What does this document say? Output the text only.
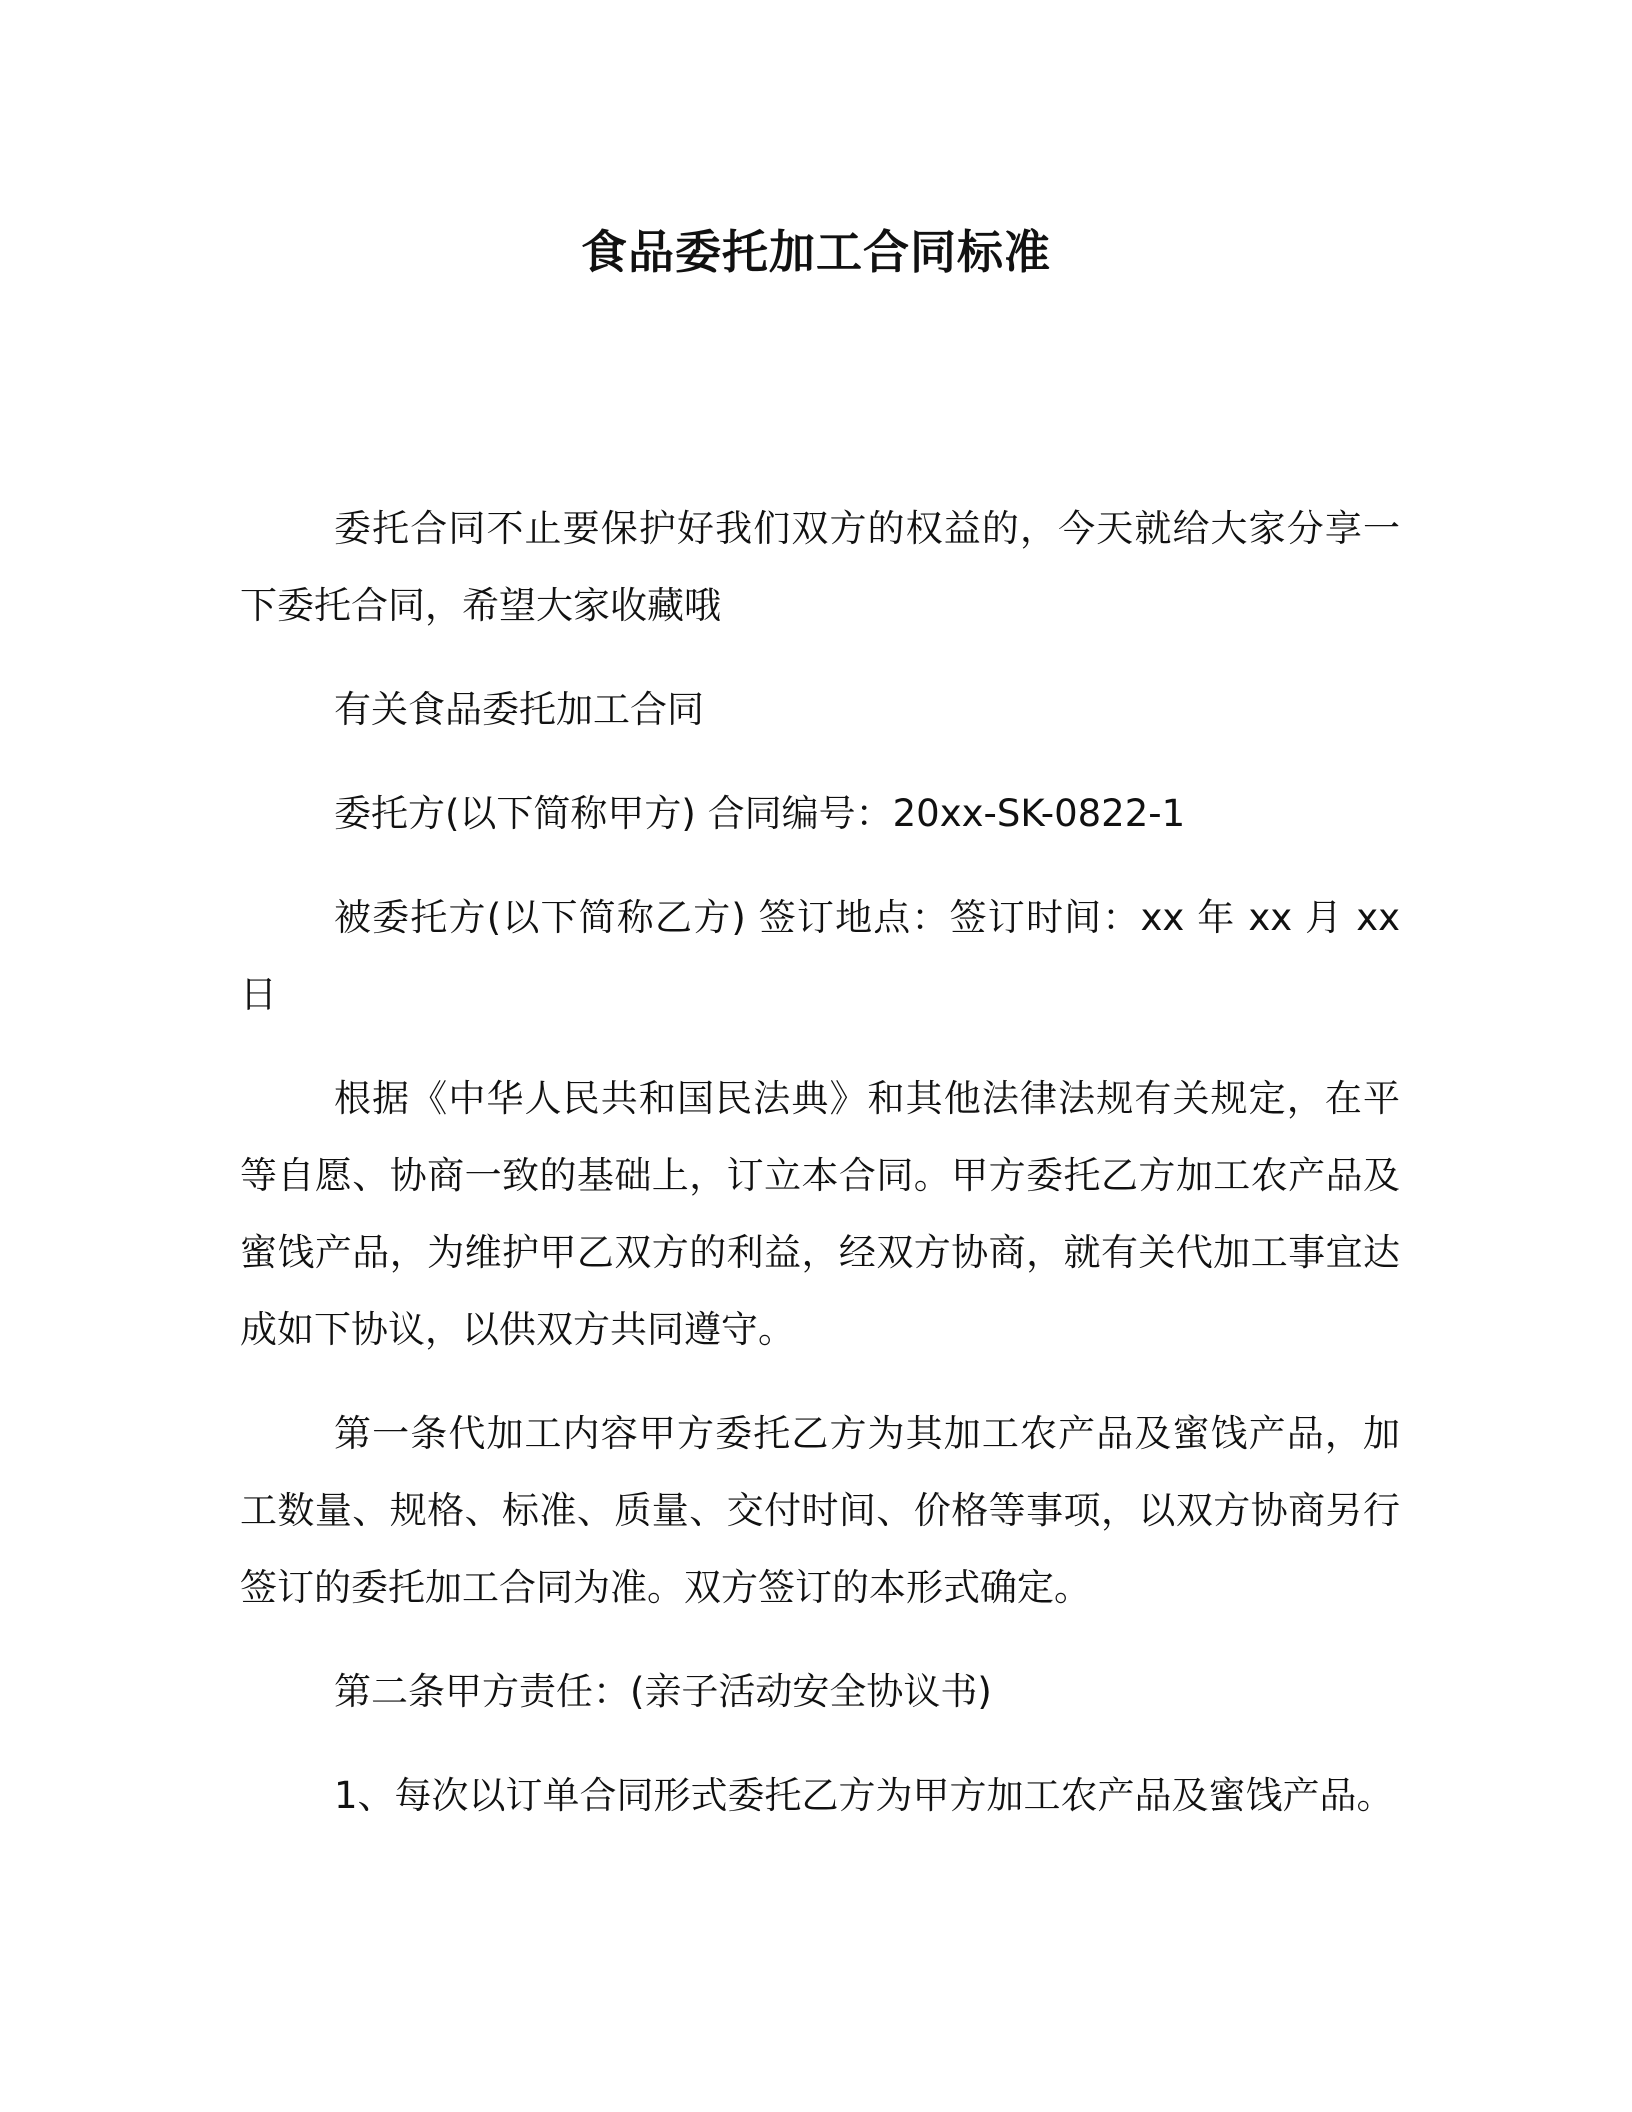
食品委托加工合同标准

委托合同不止要保护好我们双方的权益的，今天就给大家分享一下委托合同，希望大家收藏哦

有关食品委托加工合同

委托方(以下简称甲方) 合同编号：20xx-SK-0822-1

被委托方(以下简称乙方) 签订地点：签订时间：xx 年 xx 月 xx 日

根据《中华人民共和国民法典》和其他法律法规有关规定，在平等自愿、协商一致的基础上，订立本合同。甲方委托乙方加工农产品及蜜饯产品，为维护甲乙双方的利益，经双方协商，就有关代加工事宜达成如下协议，以供双方共同遵守。

第一条代加工内容甲方委托乙方为其加工农产品及蜜饯产品，加工数量、规格、标准、质量、交付时间、价格等事项，以双方协商另行签订的委托加工合同为准。双方签订的本形式确定。

第二条甲方责任：(亲子活动安全协议书)

1、每次以订单合同形式委托乙方为甲方加工农产品及蜜饯产品。
